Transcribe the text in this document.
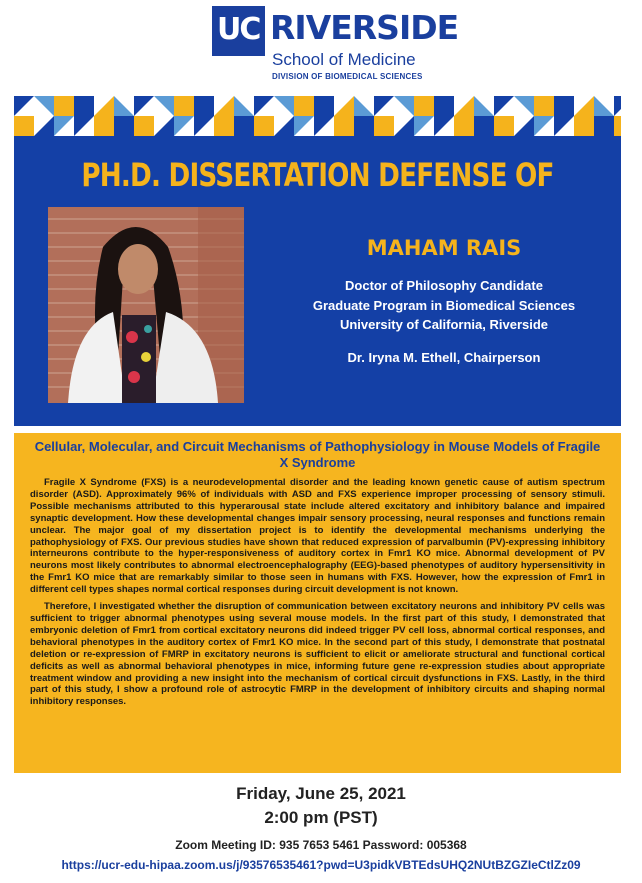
UC RIVERSIDE
School of Medicine
DIVISION OF BIOMEDICAL SCIENCES
PH.D. DISSERTATION DEFENSE OF
MAHAM RAIS
Doctor of Philosophy Candidate
Graduate Program in Biomedical Sciences
University of California, Riverside
Dr. Iryna M. Ethell, Chairperson
Cellular, Molecular, and Circuit Mechanisms of Pathophysiology in Mouse Models of Fragile X Syndrome

Fragile X Syndrome (FXS) is a neurodevelopmental disorder and the leading known genetic cause of autism spectrum disorder (ASD). Approximately 96% of individuals with ASD and FXS experience improper processing of sensory stimuli. Possible mechanisms attributed to this hyperarousal state include altered excitatory and inhibitory balance and impaired synaptic development. How these developmental changes impair sensory processing, neural responses and functions remain unclear. The major goal of my dissertation project is to identify the developmental mechanisms underlying the pathophysiology of FXS. Our previous studies have shown that reduced expression of parvalbumin (PV)-expressing inhibitory interneurons contribute to the hyper-responsiveness of auditory cortex in Fmr1 KO mice. Abnormal development of PV neurons most likely contributes to abnormal electroencephalography (EEG)-based phenotypes of auditory hypersensitivity in the Fmr1 KO mice that are remarkably similar to those seen in humans with FXS. However, how the expression of Fmr1 in different cell types shapes normal cortical responses during circuit development is not known.

Therefore, I investigated whether the disruption of communication between excitatory neurons and inhibitory PV cells was sufficient to trigger abnormal phenotypes using several mouse models. In the first part of this study, I demonstrated that embryonic deletion of Fmr1 from cortical excitatory neurons did indeed trigger PV cell loss, abnormal cortical responses, and behavioral phenotypes in the auditory cortex of Fmr1 KO mice. In the second part of this study, I demonstrate that postnatal deletion or re-expression of FMRP in excitatory neurons is sufficient to elicit or ameliorate structural and functional cortical deficits as well as abnormal behavioral phenotypes in mice, informing future gene re-expression studies about appropriate treatment window and providing a new insight into the mechanism of cortical circuit dysfunctions in FXS. Lastly, in the third part of this study, I show a profound role of astrocytic FMRP in the development of inhibitory circuits and shaping normal inhibitory responses.

Friday, June 25, 2021
2:00 pm (PST)
Zoom Meeting ID: 935 7653 5461 Password: 005368
https://ucr-edu-hipaa.zoom.us/j/93576535461?pwd=U3pidkVBTEdsUHQ2NUtBZGZIeCtlZz09
